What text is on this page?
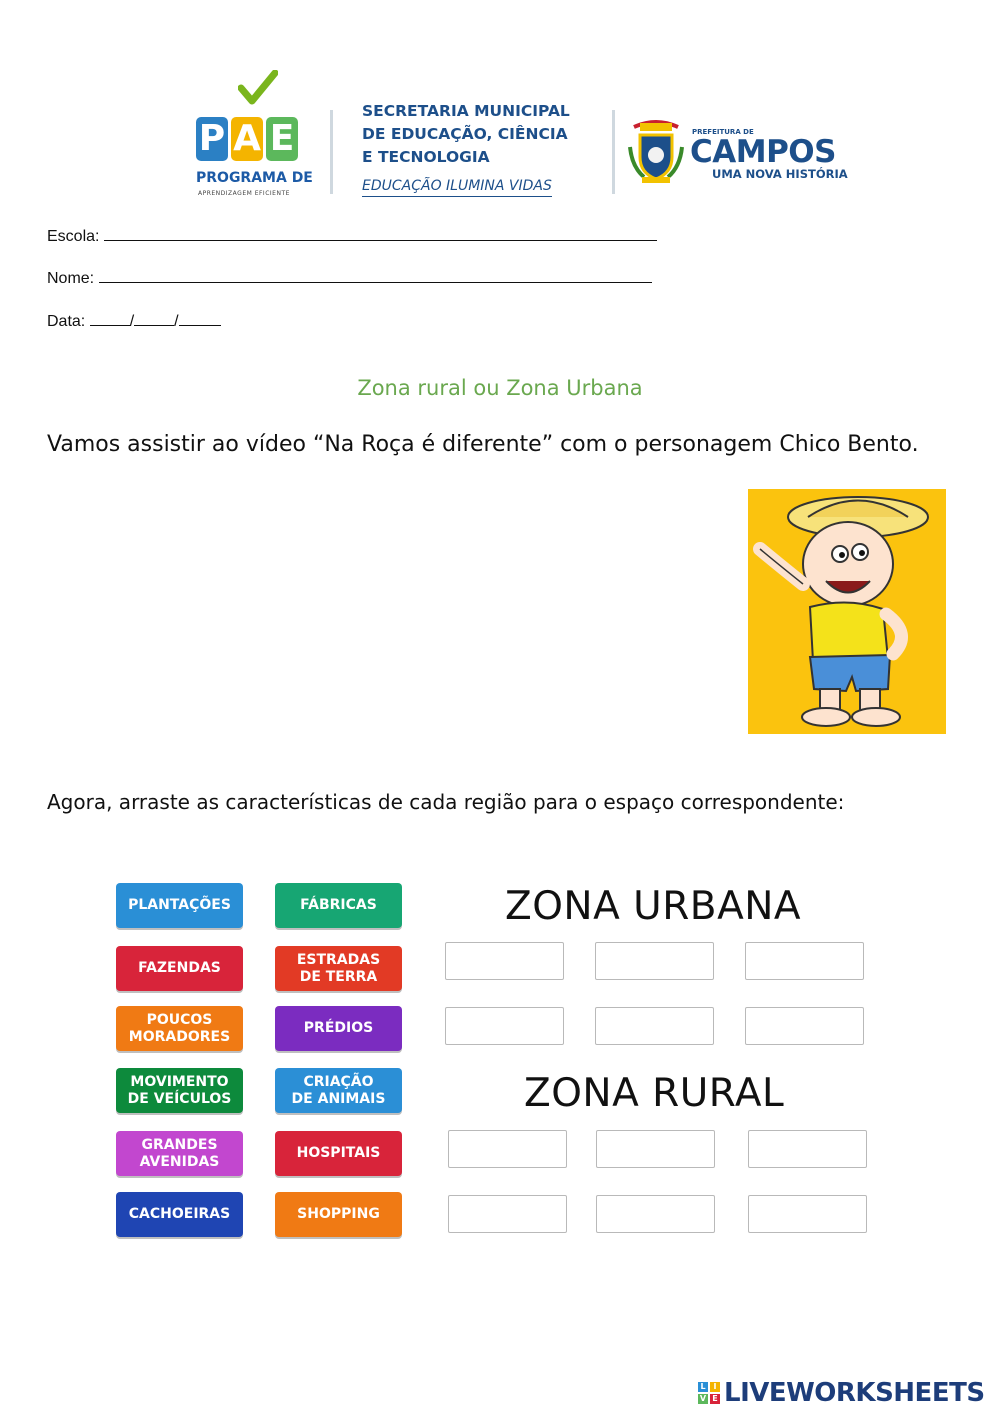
P A E
PROGRAMA DE
APRENDIZAGEM EFICIENTE
SECRETARIA MUNICIPAL
DE EDUCAÇÃO, CIÊNCIA
E TECNOLOGIA
EDUCAÇÃO ILUMINA VIDAS
PREFEITURA DE
CAMPOS
UMA NOVA HISTÓRIA
Escola:
Nome:
Data:	/	/
Zona rural ou Zona Urbana
Vamos assistir ao vídeo “Na Roça é diferente” com o personagem Chico Bento.
Agora, arraste as características de cada região para o espaço correspondente:
PLANTAÇÕES	FÁBRICAS
FAZENDAS
ESTRADAS
DE TERRA
POUCOS
MORADORES
PRÉDIOS
MOVIMENTO
DE VEÍCULOS
CRIAÇÃO
DE ANIMAIS
GRANDES
AVENIDAS
HOSPITAIS
CACHOEIRAS	SHOPPING
ZONA URBANA
ZONA RURAL
L I
V E LIVEWORKSHEETS
